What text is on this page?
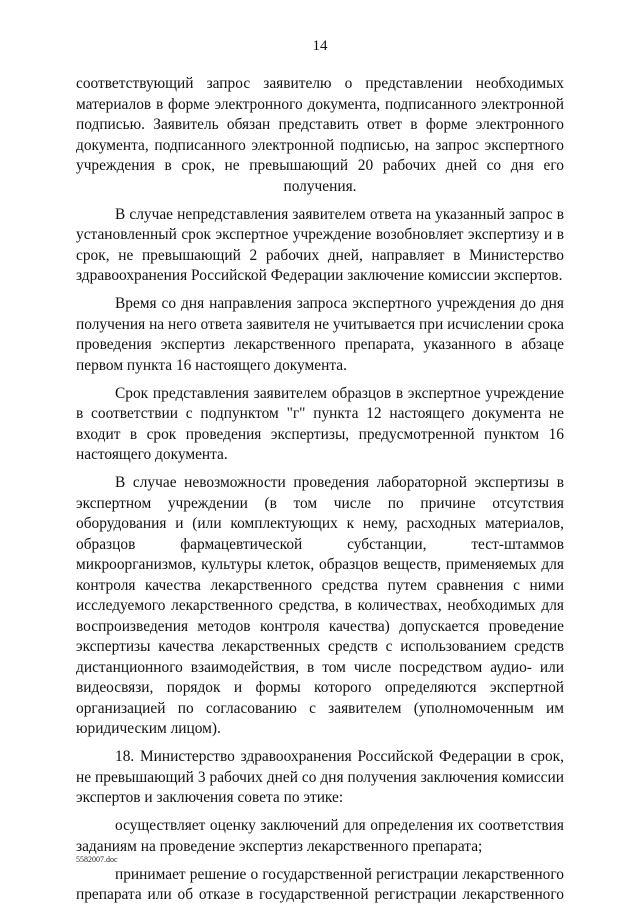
14

соответствующий запрос заявителю о представлении необходимых материалов в форме электронного документа, подписанного электронной подписью. Заявитель обязан представить ответ в форме электронного документа, подписанного электронной подписью, на запрос экспертного учреждения в срок, не превышающий 20 рабочих дней со дня его получения.

В случае непредставления заявителем ответа на указанный запрос в установленный срок экспертное учреждение возобновляет экспертизу и в срок, не превышающий 2 рабочих дней, направляет в Министерство здравоохранения Российской Федерации заключение комиссии экспертов.

Время со дня направления запроса экспертного учреждения до дня получения на него ответа заявителя не учитывается при исчислении срока проведения экспертиз лекарственного препарата, указанного в абзаце первом пункта 16 настоящего документа.

Срок представления заявителем образцов в экспертное учреждение в соответствии с подпунктом "г" пункта 12 настоящего документа не входит в срок проведения экспертизы, предусмотренной пунктом 16 настоящего документа.

В случае невозможности проведения лабораторной экспертизы в экспертном учреждении (в том числе по причине отсутствия оборудования и (или комплектующих к нему, расходных материалов, образцов фармацевтической субстанции, тест-штаммов микроорганизмов, культуры клеток, образцов веществ, применяемых для контроля качества лекарственного средства путем сравнения с ними исследуемого лекарственного средства, в количествах, необходимых для воспроизведения методов контроля качества) допускается проведение экспертизы качества лекарственных средств с использованием средств дистанционного взаимодействия, в том числе посредством аудио- или видеосвязи, порядок и формы которого определяются экспертной организацией по согласованию с заявителем (уполномоченным им юридическим лицом).

18. Министерство здравоохранения Российской Федерации в срок, не превышающий 3 рабочих дней со дня получения заключения комиссии экспертов и заключения совета по этике:

осуществляет оценку заключений для определения их соответствия заданиям на проведение экспертиз лекарственного препарата;

принимает решение о государственной регистрации лекарственного препарата или об отказе в государственной регистрации лекарственного

5582007.doc
